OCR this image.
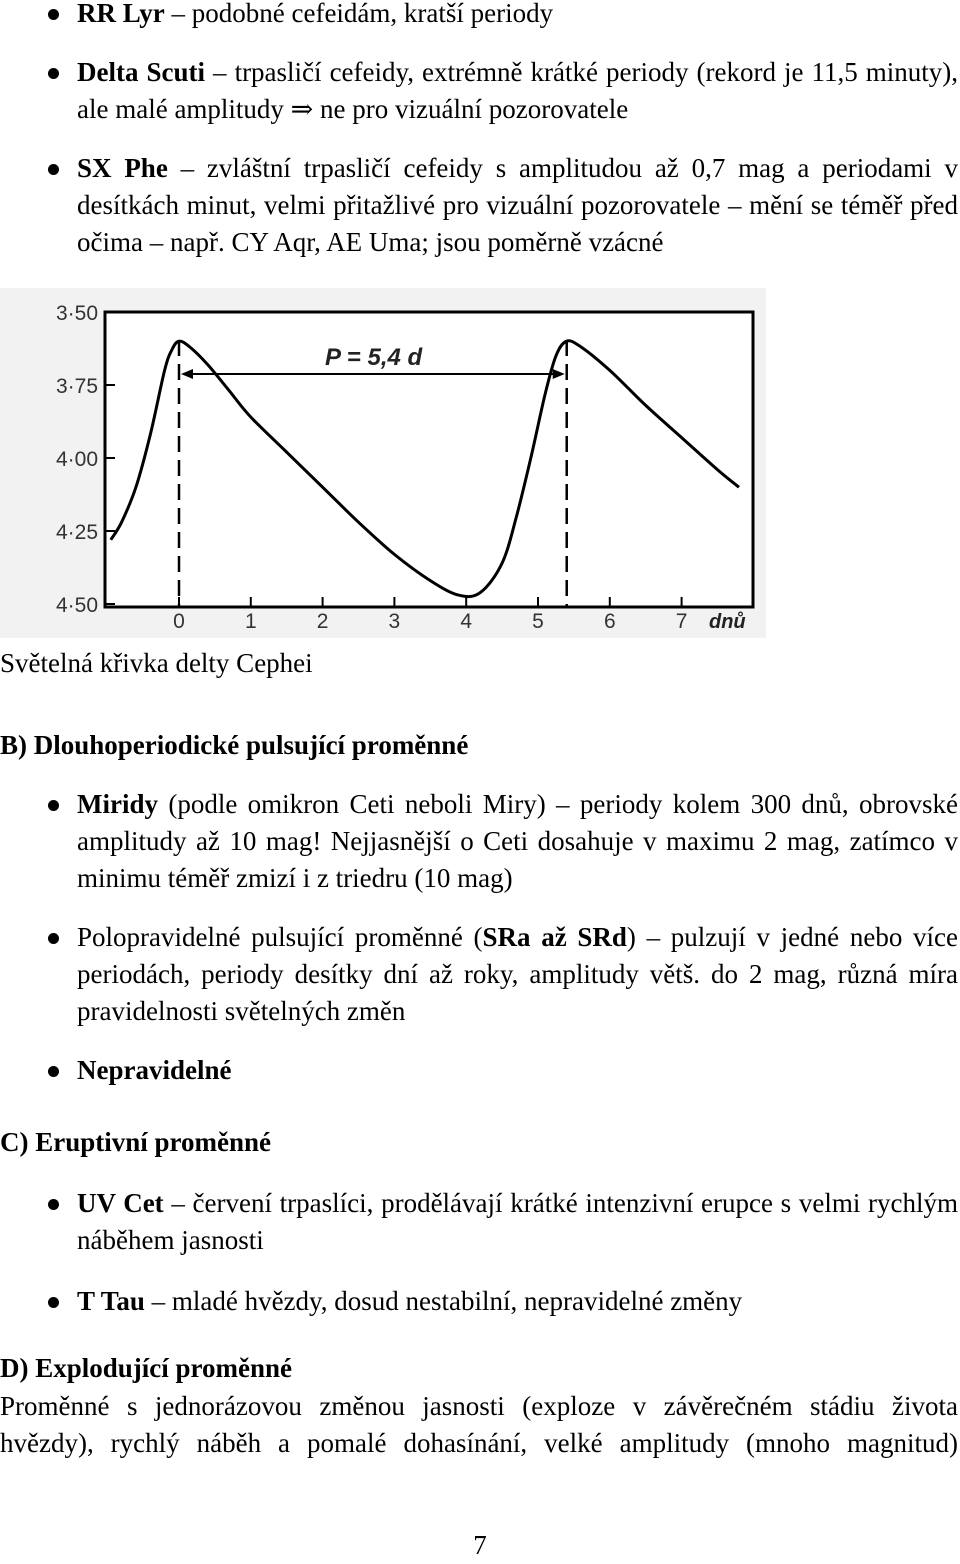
RR Lyr – podobné cefeidám, kratší periody
Delta Scuti – trpasličí cefeidy, extrémně krátké periody (rekord je 11,5 minuty), ale malé amplitudy ⇒ ne pro vizuální pozorovatele
SX Phe – zvláštní trpasličí cefeidy s amplitudou až 0,7 mag a periodami v desítkách minut, velmi přitažlivé pro vizuální pozorovatele – mění se téměř před očima – např. CY Aqr, AE Uma; jsou poměrně vzácné
3·50
3·75
4·00
4·25
4·50
0	1	2	3	4	5	6	7
P = 5,4 d
dnů
Světelná křivka delty Cephei
B) Dlouhoperiodické pulsující proměnné
Miridy (podle omikron Ceti neboli Miry) – periody kolem 300 dnů, obrovské amplitudy až 10 mag! Nejjasnější o Ceti dosahuje v maximu 2 mag, zatímco v minimu téměř zmizí i z triedru (10 mag)
Polopravidelné pulsující proměnné (SRa až SRd) – pulzují v jedné nebo více periodách, periody desítky dní až roky, amplitudy větš. do 2 mag, různá míra pravidelnosti světelných změn
Nepravidelné
C) Eruptivní proměnné
UV Cet – červení trpaslíci, prodělávají krátké intenzivní erupce s velmi rychlým náběhem jasnosti
T Tau – mladé hvězdy, dosud nestabilní, nepravidelné změny
D) Explodující proměnné
Proměnné s jednorázovou změnou jasnosti (exploze v závěrečném stádiu života
hvězdy), rychlý náběh a pomalé dohasínání, velké amplitudy (mnoho magnitud)
7
